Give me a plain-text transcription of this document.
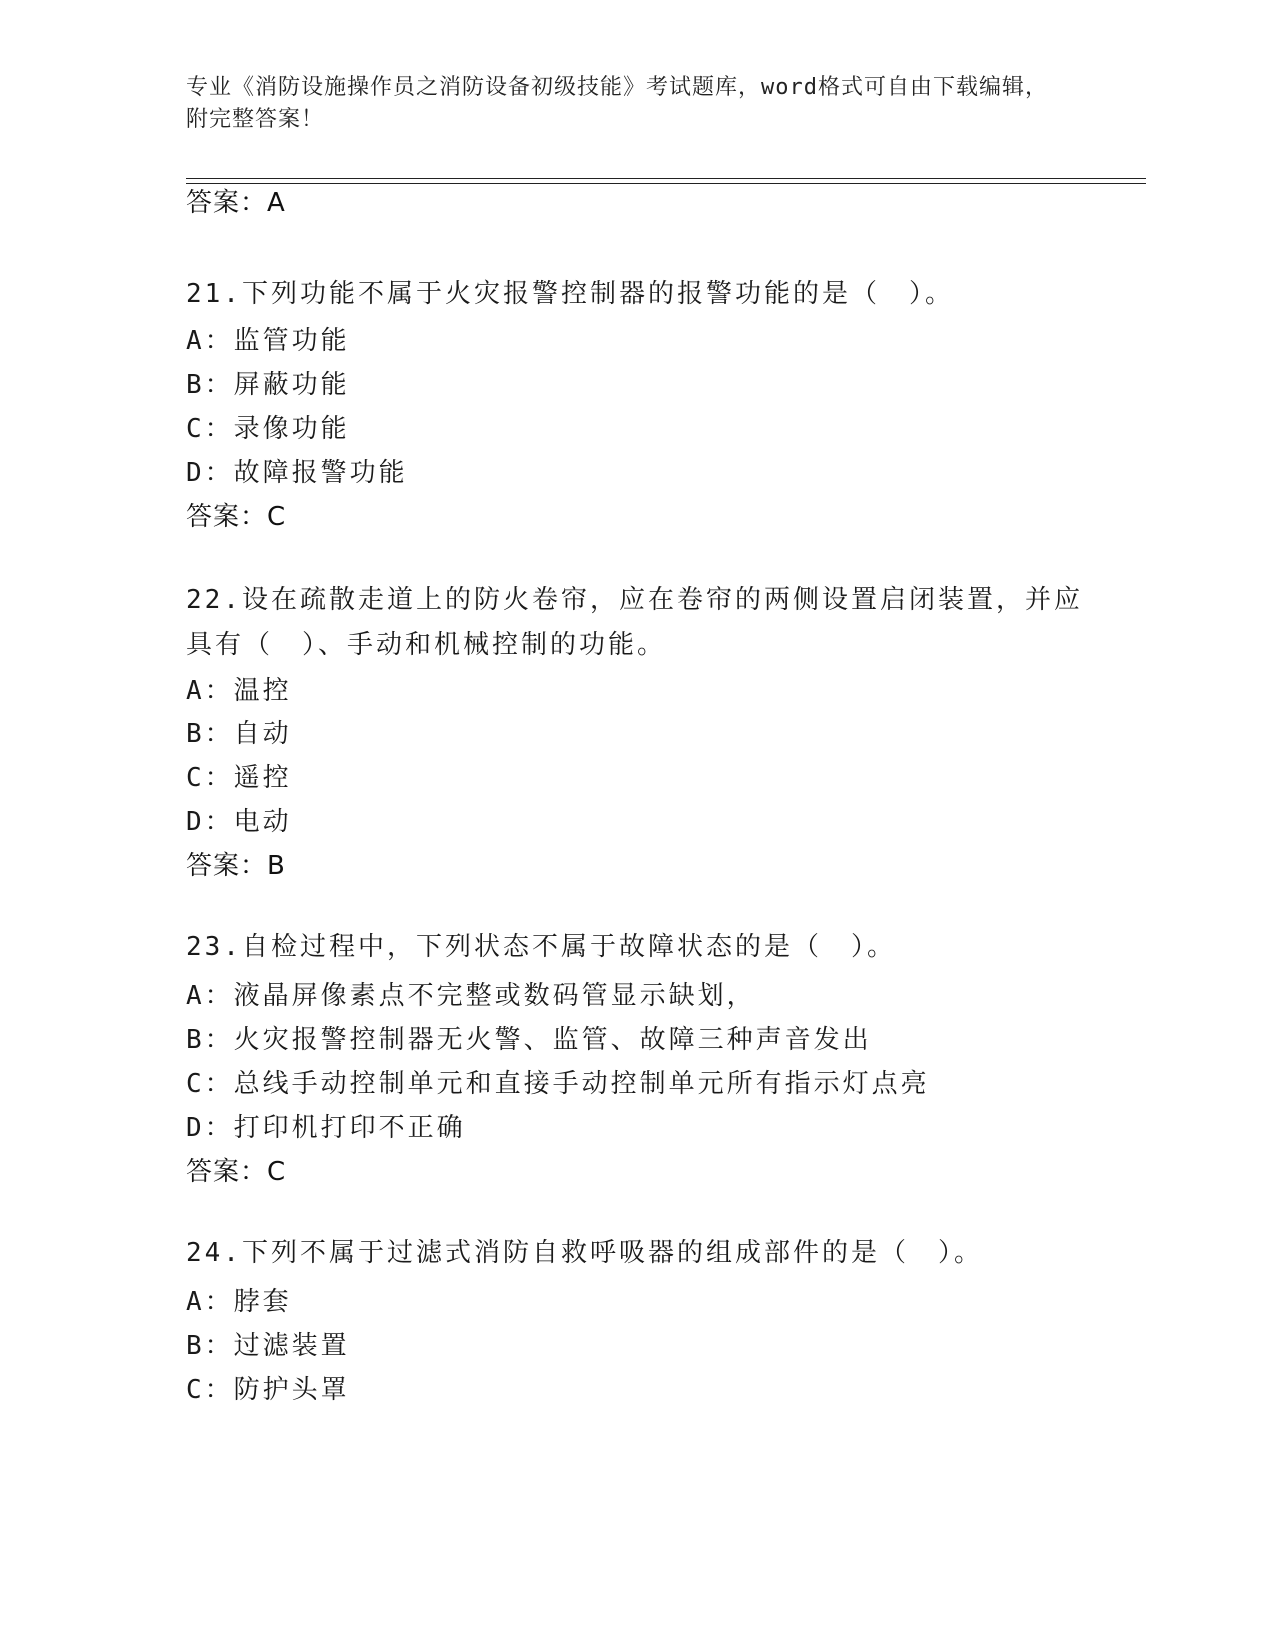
专业《消防设施操作员之消防设备初级技能》考试题库，word格式可自由下载编辑，附完整答案！
答案：A
21.下列功能不属于火灾报警控制器的报警功能的是（　）。
A：监管功能
B：屏蔽功能
C：录像功能
D：故障报警功能
答案：C
22.设在疏散走道上的防火卷帘，应在卷帘的两侧设置启闭装置，并应具有（　）、手动和机械控制的功能。
A：温控
B：自动
C：遥控
D：电动
答案：B
23.自检过程中，下列状态不属于故障状态的是（　）。
A：液晶屏像素点不完整或数码管显示缺划，
B：火灾报警控制器无火警、监管、故障三种声音发出
C：总线手动控制单元和直接手动控制单元所有指示灯点亮
D：打印机打印不正确
答案：C
24.下列不属于过滤式消防自救呼吸器的组成部件的是（　）。
A：脖套
B：过滤装置
C：防护头罩
